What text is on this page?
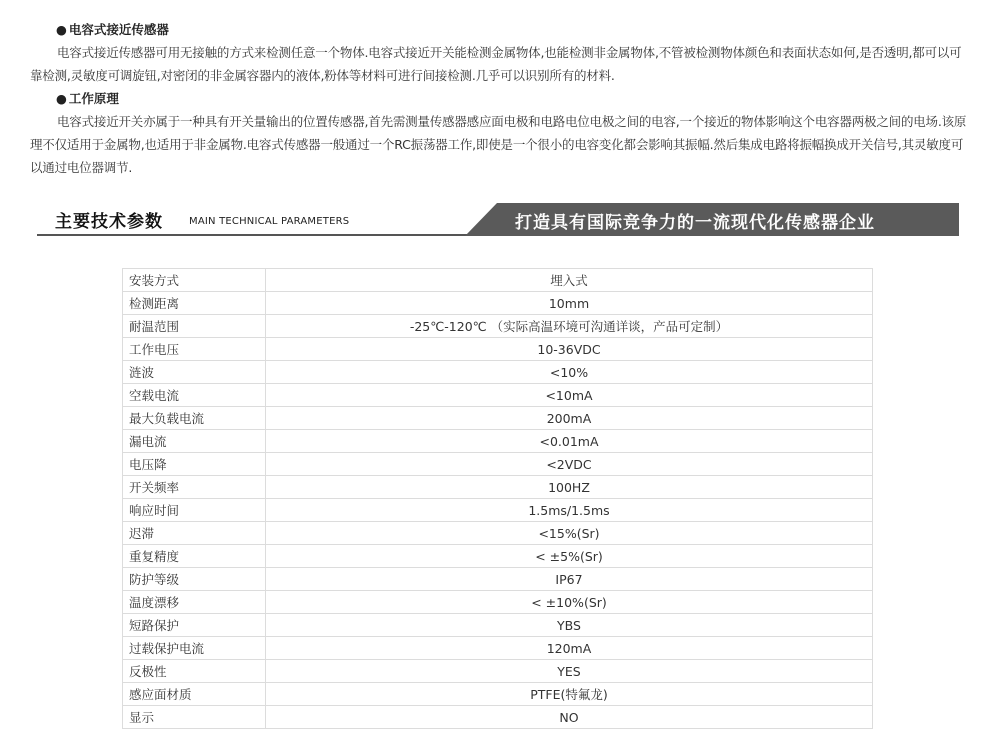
● 电容式接近传感器

电容式接近传感器可用无接触的方式来检测任意一个物体.电容式接近开关能检测金属物体,也能检测非金属物体,不管被检测物体颜色和表面状态如何,是否透明,都可以可靠检测,灵敏度可调旋钮,对密闭的非金属容器内的液体,粉体等材料可进行间接检测.几乎可以识别所有的材料.

● 工作原理

电容式接近开关亦属于一种具有开关量输出的位置传感器,首先需测量传感器感应面电极和电路电位电极之间的电容,一个接近的物体影响这个电容器两极之间的电场.该原理不仅适用于金属物,也适用于非金属物.电容式传感器一般通过一个RC振荡器工作,即使是一个很小的电容变化都会影响其振幅.然后集成电路将振幅换成开关信号,其灵敏度可以通过电位器调节.

主要技术参数	MAIN TECHNICAL PARAMETERS	打造具有国际竞争力的一流现代化传感器企业
安装方式	埋入式
检测距离	10mm
耐温范围	-25℃-120℃ （实际高温环境可沟通详谈，产品可定制）
工作电压	10-36VDC
涟波	<10%
空载电流	<10mA
最大负载电流	200mA
漏电流	<0.01mA
电压降	<2VDC
开关频率	100HZ
响应时间	1.5ms/1.5ms
迟滞	<15%(Sr)
重复精度	< ±5%(Sr)
防护等级	IP67
温度漂移	< ±10%(Sr)
短路保护	YBS
过载保护电流	120mA
反极性	YES
感应面材质	PTFE(特氟龙)
显示	NO
